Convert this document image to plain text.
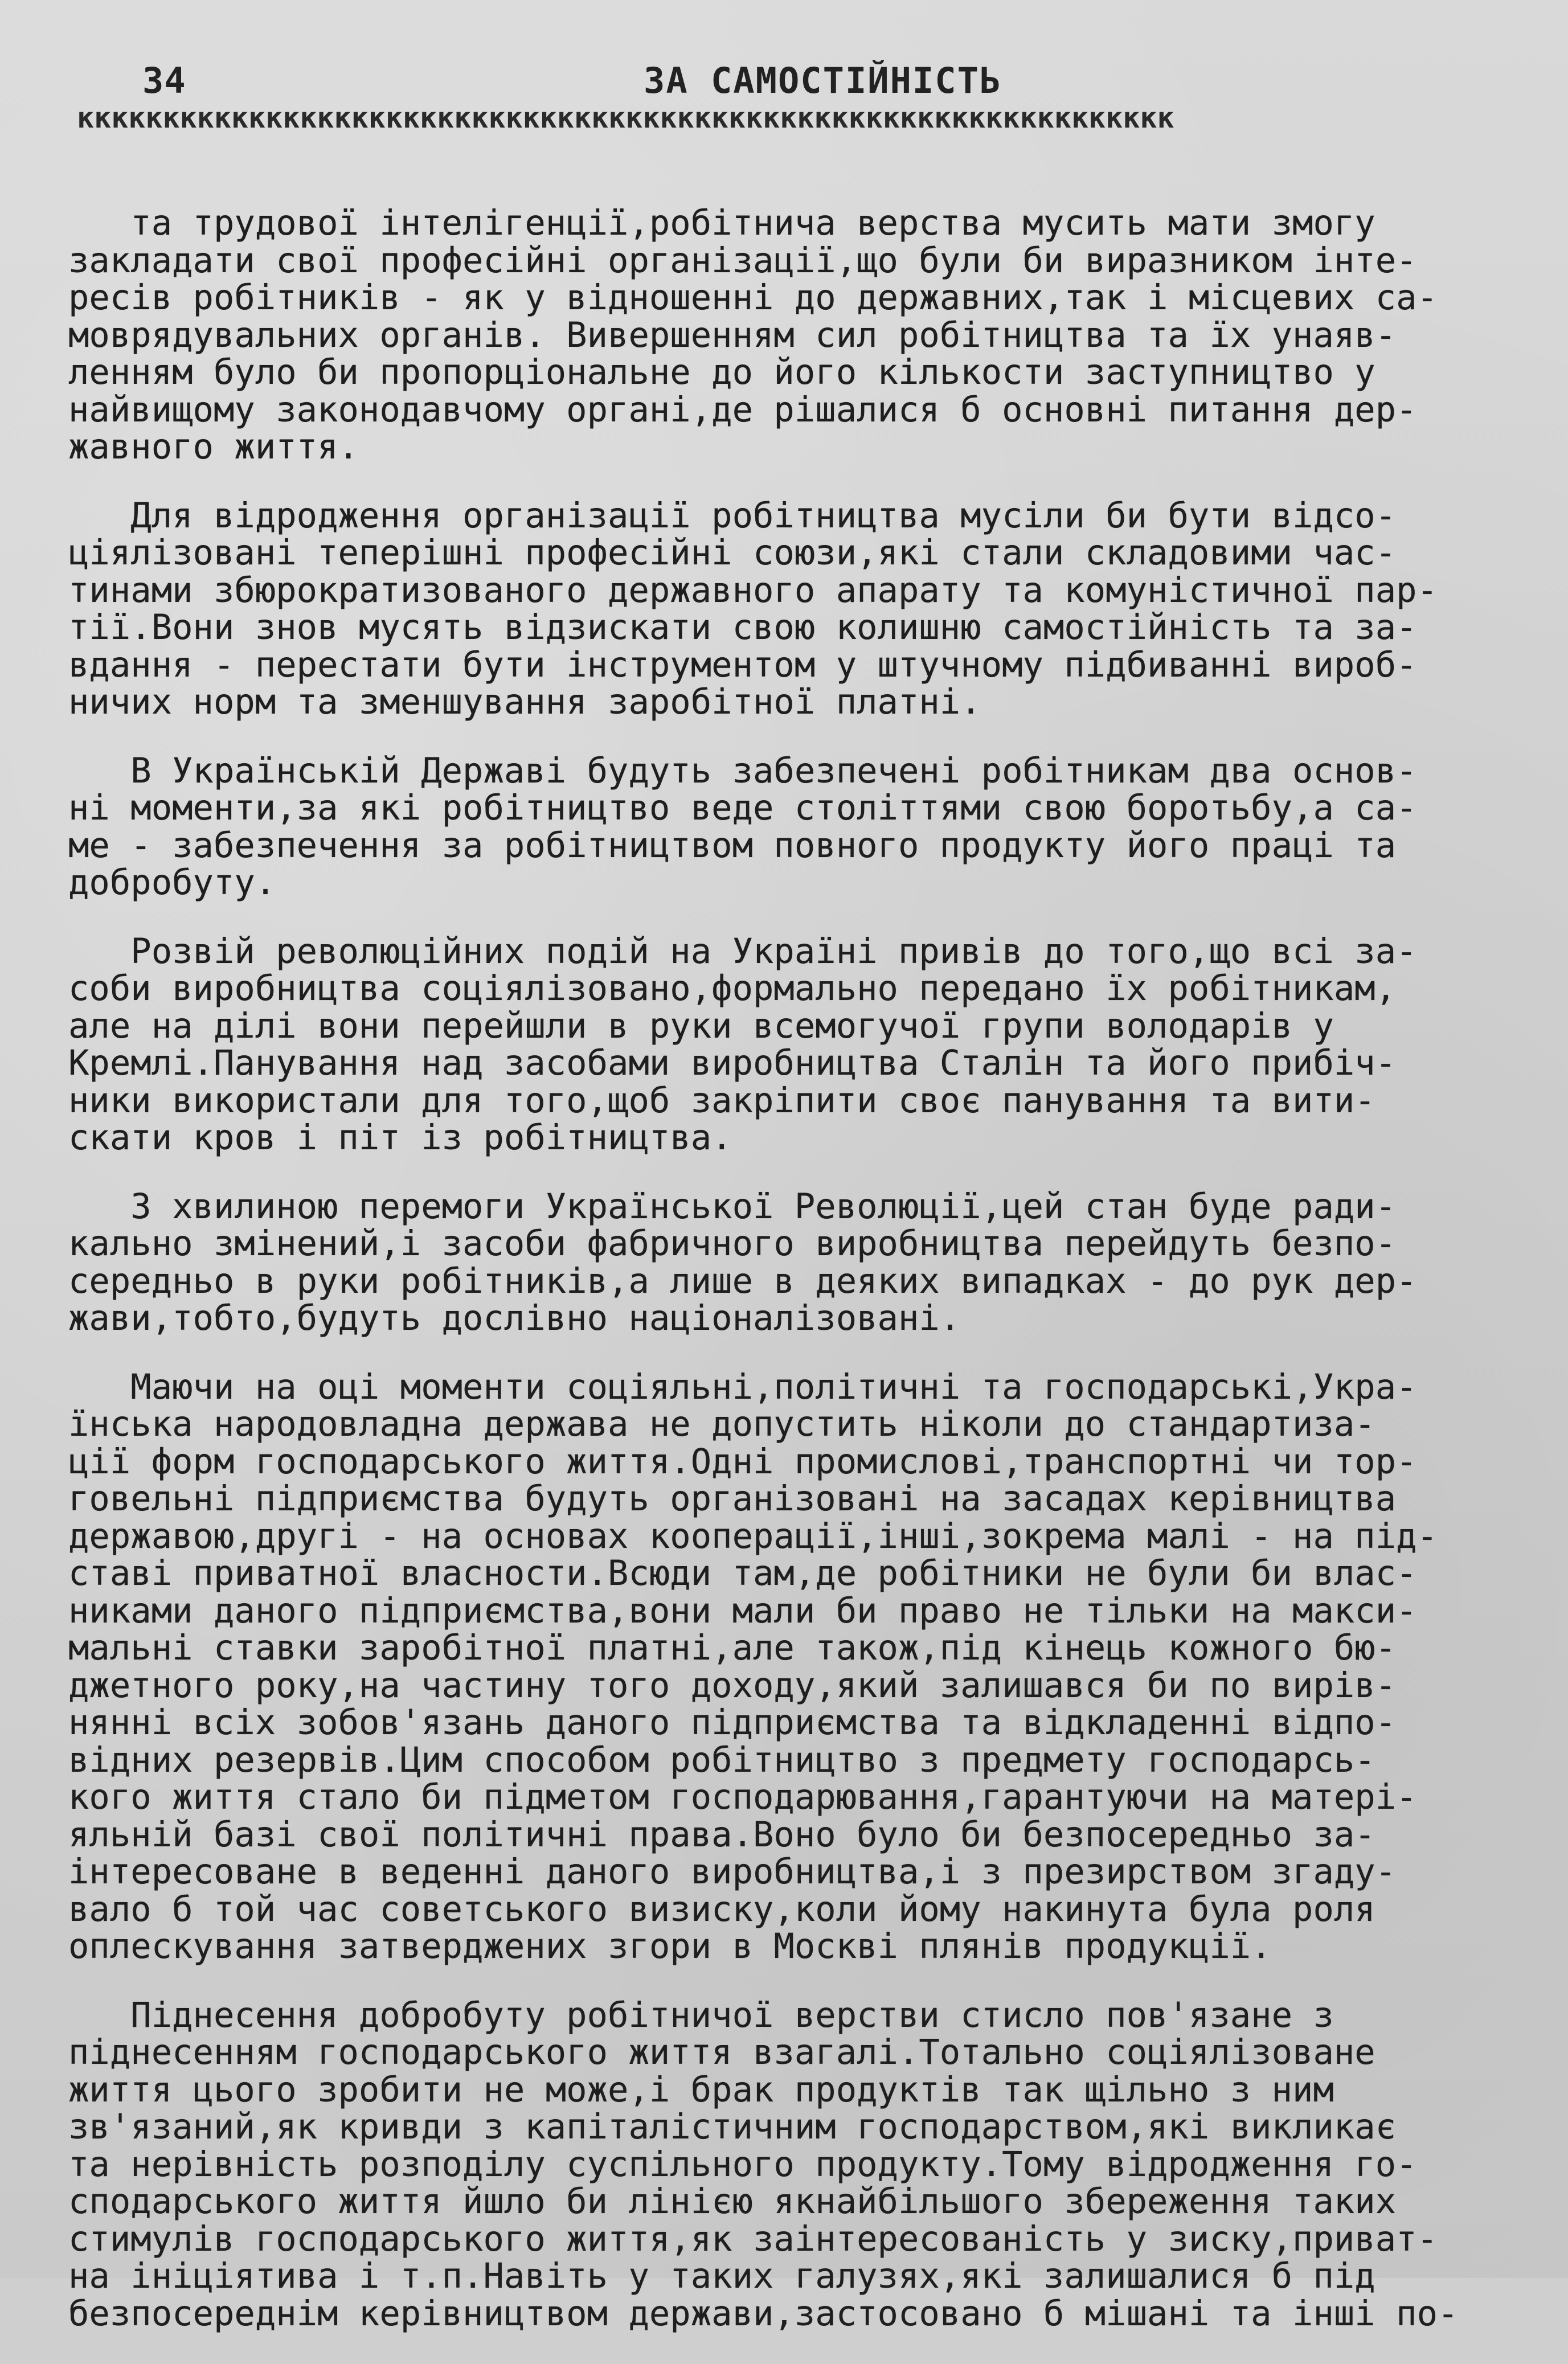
34	ЗА САМОСТІЙНІСТЬ
кккккккккккккккккккккккккккккккккккккккккккккккккккккккккккккккк

та трудової інтелігенції,робітнича верства мусить мати змогу
закладати свої професійні організації,що були би виразником інте-
ресів робітників - як у відношенні до державних,так і місцевих са-
моврядувальних органів. Вивершенням сил робітництва та їх унаяв-
ленням було би пропорціональне до його кількости заступництво у
найвищому законодавчому органі,де рішалися б основні питання дер-
жавного життя.

Для відродження організації робітництва мусіли би бути відсо-
ціялізовані теперішні професійні союзи,які стали складовими час-
тинами збюрократизованого державного апарату та комуністичної пар-
тії.Вони знов мусять відзискати свою колишню самостійність та за-
вдання - перестати бути інструментом у штучному підбиванні вироб-
ничих норм та зменшування заробітної платні.

В Українській Державі будуть забезпечені робітникам два основ-
ні моменти,за які робітництво веде століттями свою боротьбу,а са-
ме - забезпечення за робітництвом повного продукту його праці та
добробуту.

Розвій революційних подій на Україні привів до того,що всі за-
соби виробництва соціялізовано,формально передано їх робітникам,
але на ділі вони перейшли в руки всемогучої групи володарів у
Кремлі.Панування над засобами виробництва Сталін та його прибіч-
ники використали для того,щоб закріпити своє панування та вити-
скати кров і піт із робітництва.

З хвилиною перемоги Української Революції,цей стан буде ради-
кально змінений,і засоби фабричного виробництва перейдуть безпо-
середньо в руки робітників,а лише в деяких випадках - до рук дер-
жави,тобто,будуть дослівно націоналізовані.

Маючи на оці моменти соціяльні,політичні та господарські,Укра-
їнська народовладна держава не допустить ніколи до стандартиза-
ції форм господарського життя.Одні промислові,транспортні чи тор-
говельні підприємства будуть організовані на засадах керівництва
державою,другі - на основах кооперації,інші,зокрема малі - на під-
ставі приватної власности.Всюди там,де робітники не були би влас-
никами даного підприємства,вони мали би право не тільки на макси-
мальні ставки заробітної платні,але також,під кінець кожного бю-
джетного року,на частину того доходу,який залишався би по вирів-
нянні всіх зобов'язань даного підприємства та відкладенні відпо-
відних резервів.Цим способом робітництво з предмету господарсь-
кого життя стало би підметом господарювання,гарантуючи на матері-
яльній базі свої політичні права.Воно було би безпосередньо за-
інтересоване в веденні даного виробництва,і з презирством згаду-
вало б той час советського визиску,коли йому накинута була роля
оплескування затверджених згори в Москві плянів продукції.

Піднесення добробуту робітничої верстви стисло пов'язане з
піднесенням господарського життя взагалі.Тотально соціялізоване
життя цього зробити не може,і брак продуктів так щільно з ним
зв'язаний,як кривди з капіталістичним господарством,які викликає
та нерівність розподілу суспільного продукту.Тому відродження го-
сподарського життя йшло би лінією якнайбільшого збереження таких
стимулів господарського життя,як заінтересованість у зиску,приват-
на ініціятива і т.п.Навіть у таких галузях,які залишалися б під
безпосереднім керівництвом держави,застосовано б мішані та інші по-
